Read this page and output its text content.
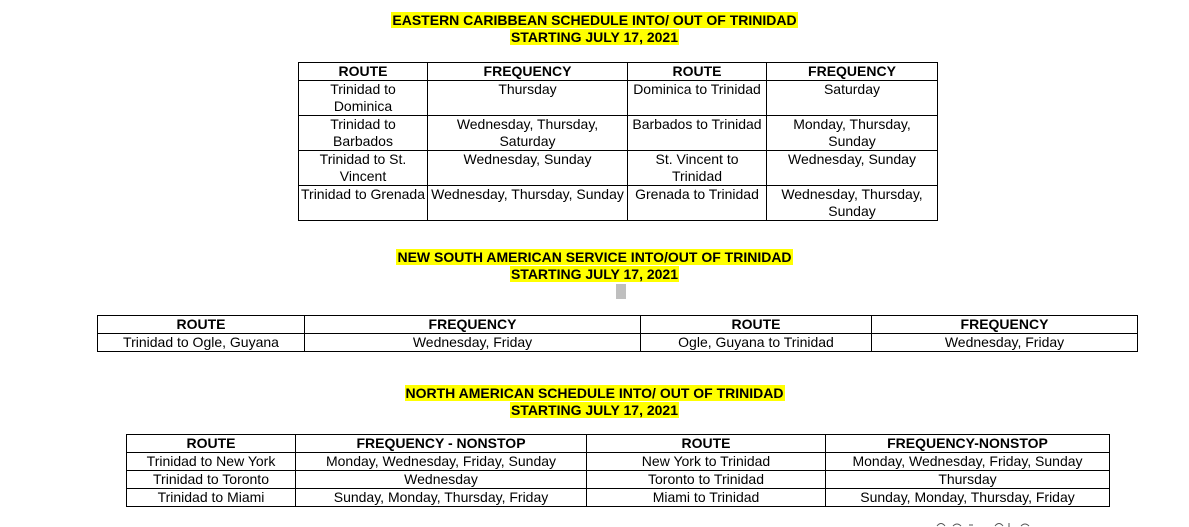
EASTERN CARIBBEAN SCHEDULE INTO/ OUT OF TRINIDAD
STARTING JULY 17, 2021
ROUTE	FREQUENCY	ROUTE	FREQUENCY
Trinidad to Dominica	Thursday	Dominica to Trinidad	Saturday
Trinidad to Barbados	Wednesday, Thursday, Saturday	Barbados to Trinidad	Monday, Thursday, Sunday
Trinidad to St. Vincent	Wednesday, Sunday	St. Vincent to Trinidad	Wednesday, Sunday
Trinidad to Grenada	Wednesday, Thursday, Sunday	Grenada to Trinidad	Wednesday, Thursday, Sunday
NEW SOUTH AMERICAN SERVICE INTO/OUT OF TRINIDAD
STARTING JULY 17, 2021
ROUTE	FREQUENCY	ROUTE	FREQUENCY
Trinidad to Ogle, Guyana	Wednesday, Friday	Ogle, Guyana to Trinidad	Wednesday, Friday
NORTH AMERICAN SCHEDULE INTO/ OUT OF TRINIDAD
STARTING JULY 17, 2021
ROUTE	FREQUENCY - NONSTOP	ROUTE	FREQUENCY-NONSTOP
Trinidad to New York	Monday, Wednesday, Friday, Sunday	New York to Trinidad	Monday, Wednesday, Friday, Sunday
Trinidad to Toronto	Wednesday	Toronto to Trinidad	Thursday
Trinidad to Miami	Sunday, Monday, Thursday, Friday	Miami to Trinidad	Sunday, Monday, Thursday, Friday
